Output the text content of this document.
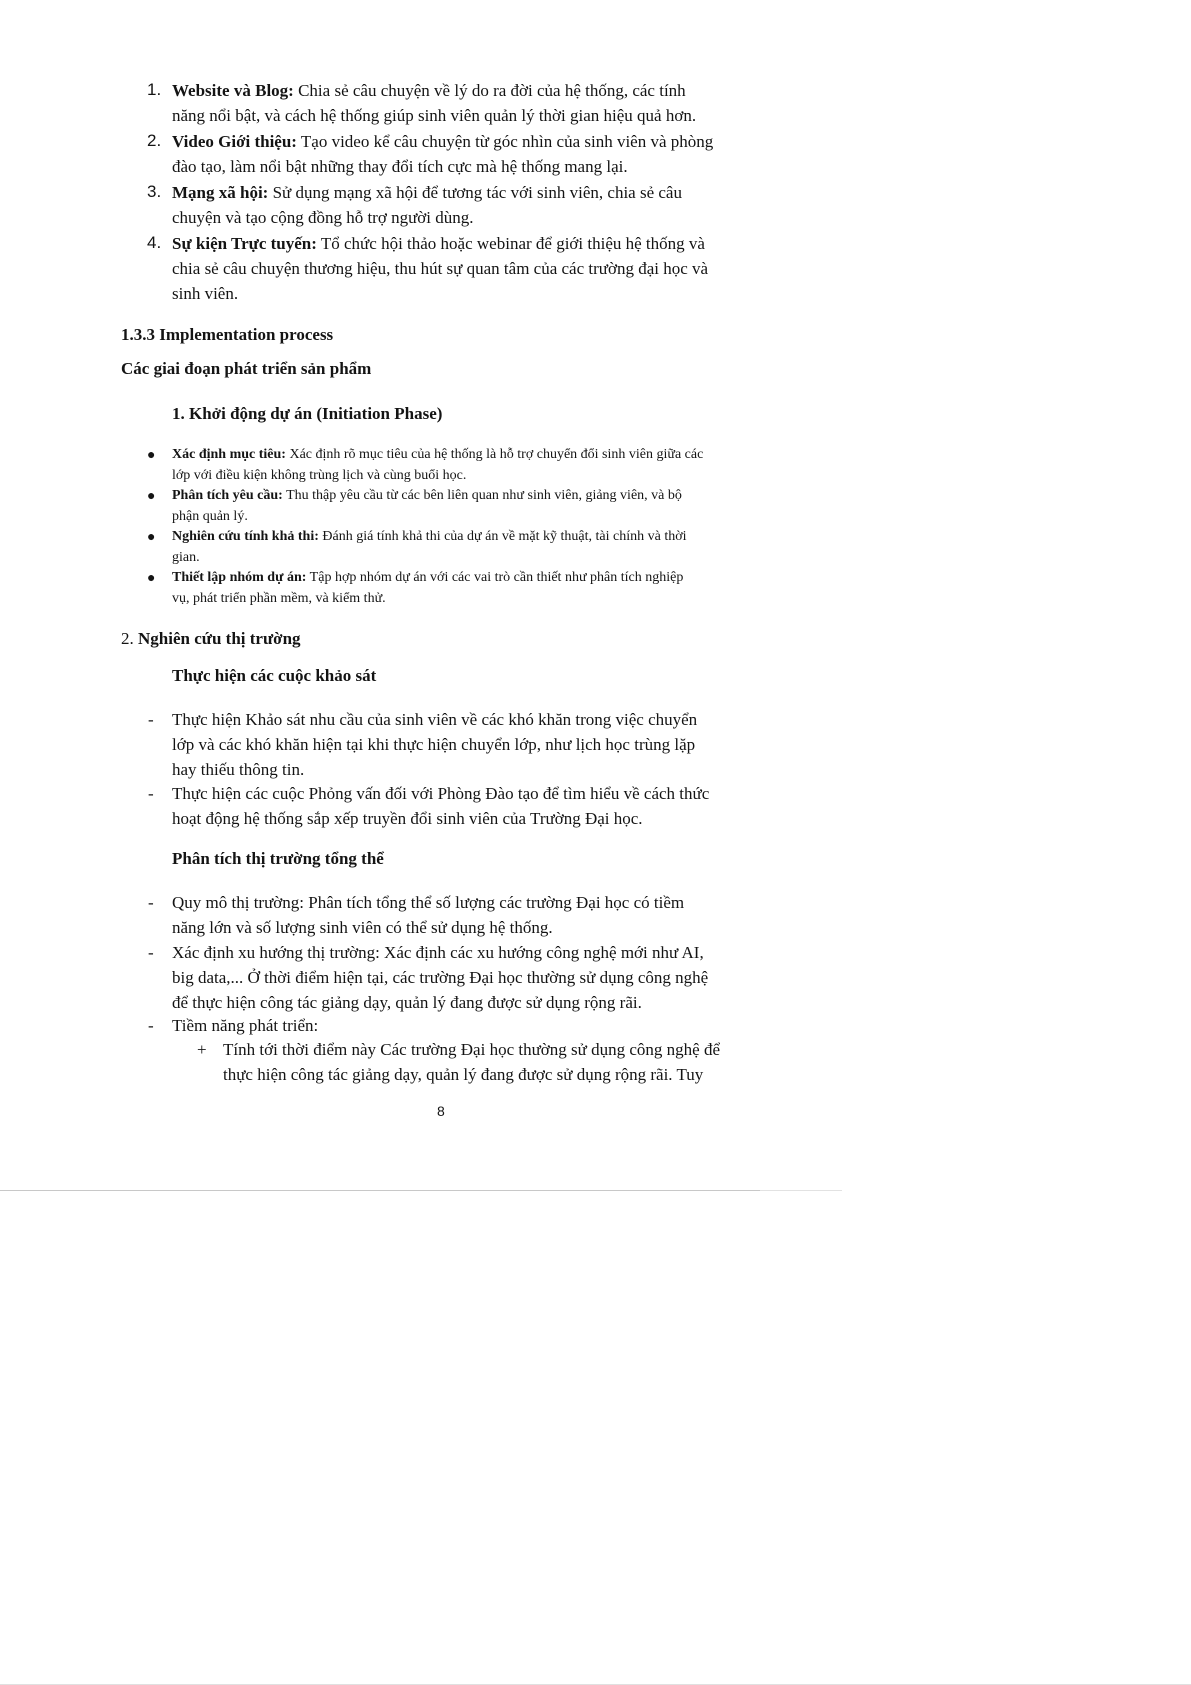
1. Website và Blog: Chia sẻ câu chuyện về lý do ra đời của hệ thống, các tính
năng nổi bật, và cách hệ thống giúp sinh viên quản lý thời gian hiệu quả hơn.
2. Video Giới thiệu: Tạo video kể câu chuyện từ góc nhìn của sinh viên và phòng
đào tạo, làm nổi bật những thay đổi tích cực mà hệ thống mang lại.
3. Mạng xã hội: Sử dụng mạng xã hội để tương tác với sinh viên, chia sẻ câu
chuyện và tạo cộng đồng hỗ trợ người dùng.
4. Sự kiện Trực tuyến: Tổ chức hội thảo hoặc webinar để giới thiệu hệ thống và
chia sẻ câu chuyện thương hiệu, thu hút sự quan tâm của các trường đại học và
sinh viên.
1.3.3 Implementation process
Các giai đoạn phát triển sản phẩm
1. Khởi động dự án (Initiation Phase)
● Xác định mục tiêu: Xác định rõ mục tiêu của hệ thống là hỗ trợ chuyển đổi sinh viên giữa các
lớp với điều kiện không trùng lịch và cùng buổi học.
● Phân tích yêu cầu: Thu thập yêu cầu từ các bên liên quan như sinh viên, giảng viên, và bộ
phận quản lý.
● Nghiên cứu tính khả thi: Đánh giá tính khả thi của dự án về mặt kỹ thuật, tài chính và thời
gian.
● Thiết lập nhóm dự án: Tập hợp nhóm dự án với các vai trò cần thiết như phân tích nghiệp
vụ, phát triển phần mềm, và kiểm thử.
2. Nghiên cứu thị trường
Thực hiện các cuộc khảo sát
- Thực hiện Khảo sát nhu cầu của sinh viên về các khó khăn trong việc chuyển
lớp và các khó khăn hiện tại khi thực hiện chuyển lớp, như lịch học trùng lặp
hay thiếu thông tin.
- Thực hiện các cuộc Phỏng vấn đối với Phòng Đào tạo để tìm hiểu về cách thức
hoạt động hệ thống sắp xếp truyền đổi sinh viên của Trường Đại học.
Phân tích thị trường tổng thể
- Quy mô thị trường: Phân tích tổng thể số lượng các trường Đại học có tiềm
năng lớn và số lượng sinh viên có thể sử dụng hệ thống.
- Xác định xu hướng thị trường: Xác định các xu hướng công nghệ mới như AI,
big data,... Ở thời điểm hiện tại, các trường Đại học thường sử dụng công nghệ
để thực hiện công tác giảng dạy, quản lý đang được sử dụng rộng rãi.
- Tiềm năng phát triển:
+ Tính tới thời điểm này Các trường Đại học thường sử dụng công nghệ để
thực hiện công tác giảng dạy, quản lý đang được sử dụng rộng rãi. Tuy
8
